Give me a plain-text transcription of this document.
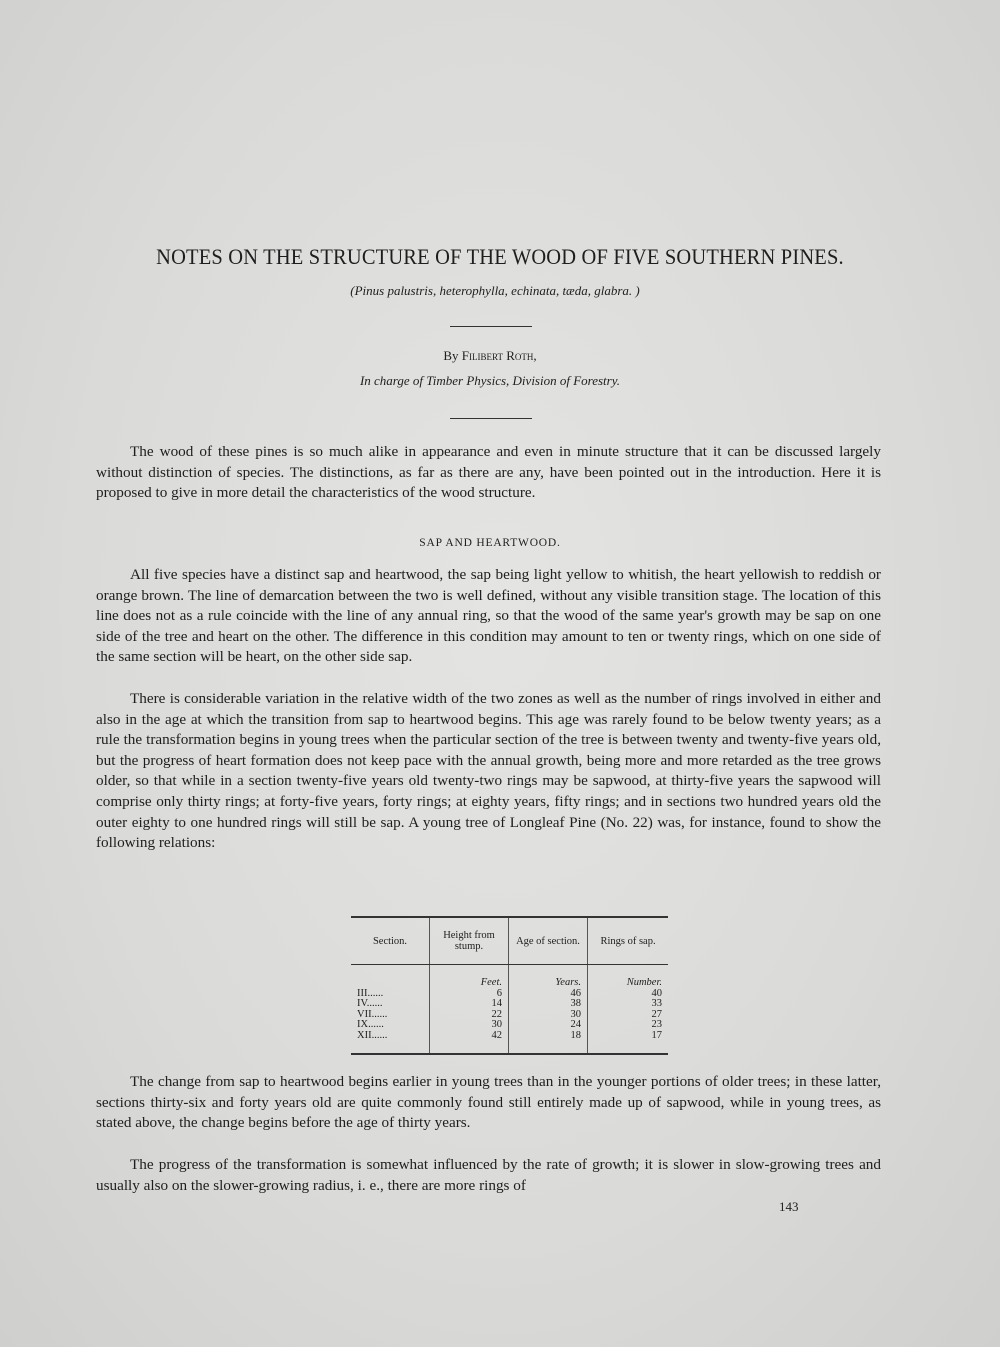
NOTES ON THE STRUCTURE OF THE WOOD OF FIVE SOUTHERN PINES.
(Pinus palustris, heterophylla, echinata, tæda, glabra. )
By Filibert Roth,
In charge of Timber Physics, Division of Forestry.

The wood of these pines is so much alike in appearance and even in minute structure that it can be discussed largely without distinction of species. The distinctions, as far as there are any, have been pointed out in the introduction. Here it is proposed to give in more detail the characteristics of the wood structure.

SAP AND HEARTWOOD.

All five species have a distinct sap and heartwood, the sap being light yellow to whitish, the heart yellowish to reddish or orange brown. The line of demarcation between the two is well defined, without any visible transition stage. The location of this line does not as a rule coincide with the line of any annual ring, so that the wood of the same year's growth may be sap on one side of the tree and heart on the other. The difference in this condition may amount to ten or twenty rings, which on one side of the same section will be heart, on the other side sap.

There is considerable variation in the relative width of the two zones as well as the number of rings involved in either and also in the age at which the transition from sap to heartwood begins. This age was rarely found to be below twenty years; as a rule the transformation begins in young trees when the particular section of the tree is between twenty and twenty-five years old, but the progress of heart formation does not keep pace with the annual growth, being more and more retarded as the tree grows older, so that while in a section twenty-five years old twenty-two rings may be sapwood, at thirty-five years the sapwood will comprise only thirty rings; at forty-five years, forty rings; at eighty years, fifty rings; and in sections two hundred years old the outer eighty to one hundred rings will still be sap. A young tree of Longleaf Pine (No. 22) was, for instance, found to show the following relations:

Section.	Height from stump.	Age of section.	Rings of sap.
	Feet.	Years.	Number.
III......	6	46	40
IV......	14	38	33
VII......	22	30	27
IX......	30	24	23
XII......	42	18	17

The change from sap to heartwood begins earlier in young trees than in the younger portions of older trees; in these latter, sections thirty-six and forty years old are quite commonly found still entirely made up of sapwood, while in young trees, as stated above, the change begins before the age of thirty years.

The progress of the transformation is somewhat influenced by the rate of growth; it is slower in slow-growing trees and usually also on the slower-growing radius, i. e., there are more rings of

143
